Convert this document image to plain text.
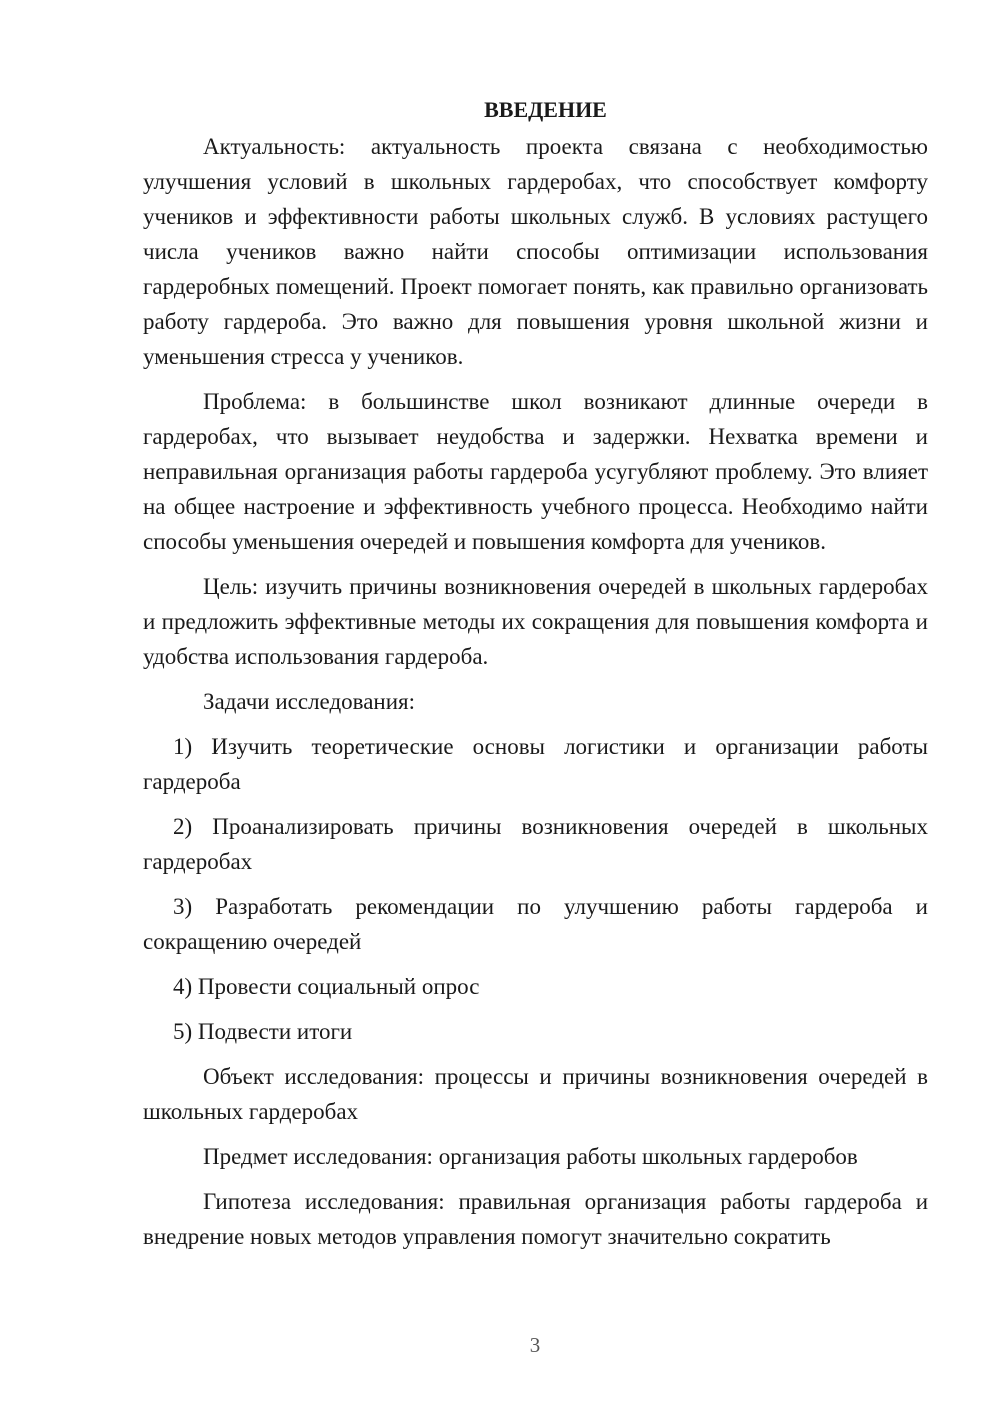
ВВЕДЕНИЕ

Актуальность: актуальность проекта связана с необходимостью улучшения условий в школьных гардеробах, что способствует комфорту учеников и эффективности работы школьных служб. В условиях растущего числа учеников важно найти способы оптимизации использования гардеробных помещений. Проект помогает понять, как правильно организовать работу гардероба. Это важно для повышения уровня школьной жизни и уменьшения стресса у учеников.

Проблема: в большинстве школ возникают длинные очереди в гардеробах, что вызывает неудобства и задержки. Нехватка времени и неправильная организация работы гардероба усугубляют проблему. Это влияет на общее настроение и эффективность учебного процесса. Необходимо найти способы уменьшения очередей и повышения комфорта для учеников.

Цель: изучить причины возникновения очередей в школьных гардеробах и предложить эффективные методы их сокращения для повышения комфорта и удобства использования гардероба.

Задачи исследования:

1) Изучить теоретические основы логистики и организации работы гардероба

2) Проанализировать причины возникновения очередей в школьных гардеробах

3) Разработать рекомендации по улучшению работы гардероба и сокращению очередей

4) Провести социальный опрос

5) Подвести итоги

Объект исследования: процессы и причины возникновения очередей в школьных гардеробах

Предмет исследования: организация работы школьных гардеробов

Гипотеза исследования: правильная организация работы гардероба и внедрение новых методов управления помогут значительно сократить

3
